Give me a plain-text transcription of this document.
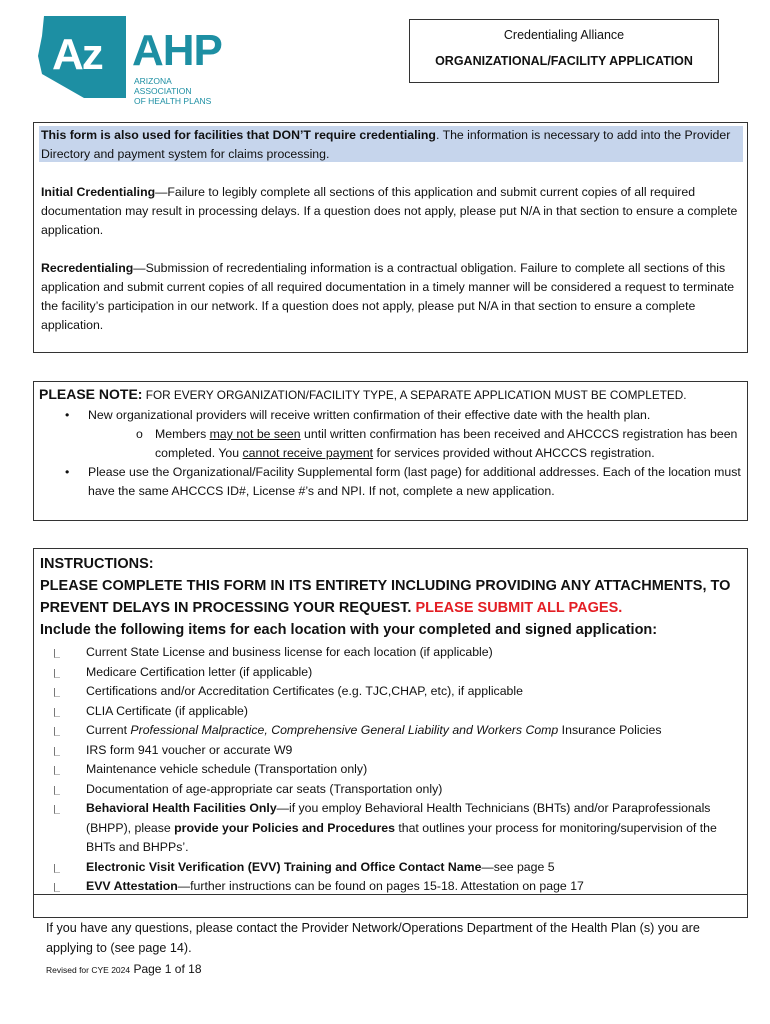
Az AHP
ARIZONA ASSOCIATION
OF HEALTH PLANS
Credentialing Alliance
ORGANIZATIONAL/FACILITY APPLICATION

This form is also used for facilities that DON’T require credentialing. The information is necessary to add into the Provider Directory and payment system for claims processing.

Initial Credentialing—Failure to legibly complete all sections of this application and submit current copies of all required documentation may result in processing delays. If a question does not apply, please put N/A in that section to ensure a complete application.

Recredentialing—Submission of recredentialing information is a contractual obligation. Failure to complete all sections of this application and submit current copies of all required documentation in a timely manner will be considered a request to terminate the facility’s participation in our network. If a question does not apply, please put N/A in that section to ensure a complete application.

PLEASE NOTE: FOR EVERY ORGANIZATION/FACILITY TYPE, A SEPARATE APPLICATION MUST BE COMPLETED.

• New organizational providers will receive written confirmation of their effective date with the health plan.
o Members may not be seen until written confirmation has been received and AHCCCS registration has been completed. You cannot receive payment for services provided without AHCCCS registration.
• Please use the Organizational/Facility Supplemental form (last page) for additional addresses. Each of the location must have the same AHCCCS ID#, License #’s and NPI. If not, complete a new application.
INSTRUCTIONS:
PLEASE COMPLETE THIS FORM IN ITS ENTIRETY INCLUDING PROVIDING ANY ATTACHMENTS, TO PREVENT DELAYS IN PROCESSING YOUR REQUEST. PLEASE SUBMIT ALL PAGES.
Include the following items for each location with your completed and signed application:
Current State License and business license for each location (if applicable)
Medicare Certification letter (if applicable)
Certifications and/or Accreditation Certificates (e.g. TJC,CHAP, etc), if applicable
CLIA Certificate (if applicable)
Current Professional Malpractice, Comprehensive General Liability and Workers Comp Insurance Policies
IRS form 941 voucher or accurate W9
Maintenance vehicle schedule (Transportation only)
Documentation of age-appropriate car seats (Transportation only)
Behavioral Health Facilities Only—if you employ Behavioral Health Technicians (BHTs) and/or Paraprofessionals (BHPP), please provide your Policies and Procedures that outlines your process for monitoring/supervision of the BHTs and BHPPs’.
Electronic Visit Verification (EVV) Training and Office Contact Name—see page 5
EVV Attestation—further instructions can be found on pages 15-18. Attestation on page 17

If you have any questions, please contact the Provider Network/Operations Department of the Health Plan (s) you are applying to (see page 14).

Revised for CYE 2024 Page 1 of 18
